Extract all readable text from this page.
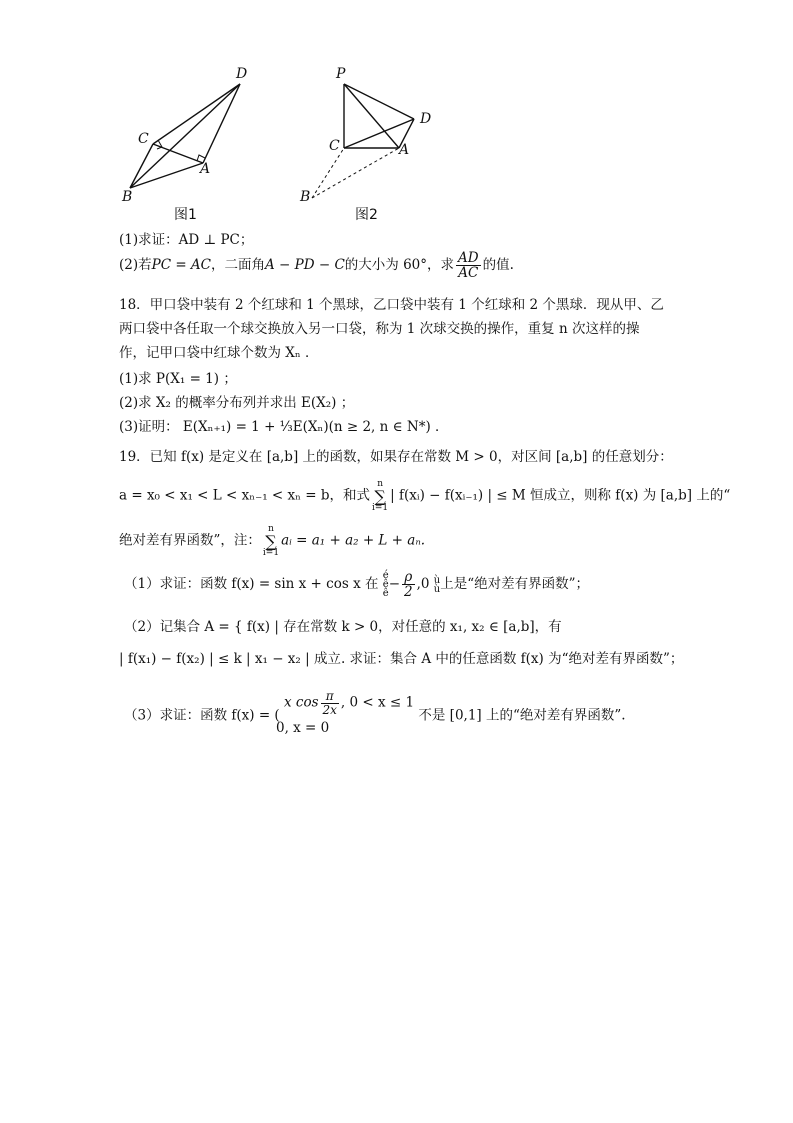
D
C
A
B
图1
P
D
C	A
B
图2
(1)求证：AD ⊥ PC；
(2)若PC = AC，二面角A − PD − C的大小为 60°，求 $\frac{AD}{AC}$ 的值.
18．甲口袋中装有 2 个红球和 1 个黑球，乙口袋中装有 1 个红球和 2 个黑球．现从甲、乙
两口袋中各任取一个球交换放入另一口袋，称为 1 次球交换的操作，重复 n 次这样的操
作，记甲口袋中红球个数为 Xₙ ．
(1)求 P(X₁ = 1) ；
(2)求 X₂ 的概率分布列并求出 E(X₂) ；
(3)证明： E(Xₙ₊₁) = 1 + ⅓E(Xₙ)(n ≥ 2, n ∈ N*) ．
19．已知 f(x) 是定义在 [a,b] 上的函数，如果存在常数 M > 0，对区间 [a,b] 的任意划分：
a = x₀ < x₁ < L < xₙ₋₁ < xₙ = b，和式n
∑
i=1| f(xᵢ) − f(xᵢ₋₁) | ≤ M 恒成立，则称 f(x) 为 [a,b] 上的“
绝对差有界函数”，注：n
∑
i=1aᵢ = a₁ + a₂ + L + aₙ.
（1）求证：函数 f(x) = sin x + cos x 在
é
ê
ê
− $\frac{\rho}{2} ,0$ ù
ù 上是“绝对差有界函数”；
（2）记集合 A = { f(x) | 存在常数 k > 0，对任意的 x₁, x₂ ∈ [a,b]，有
| f(x₁) − f(x₂) | ≤ k | x₁ − x₂ | 成立. 求证：集合 A 中的任意函数 f(x) 为“绝对差有界函数”；
（3）求证：函数 f(x) = (
x $\cos \frac{\pi}{2x}$ , 0 < x ≤ 1
0, x = 0
不是 [0,1] 上的“绝对差有界函数”.
